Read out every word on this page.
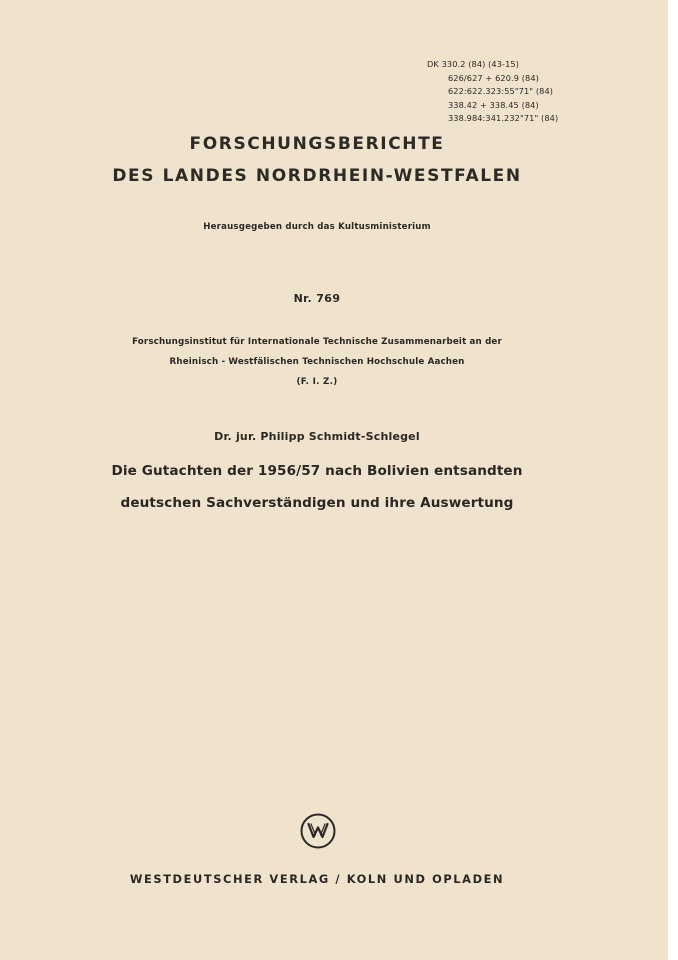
DK 330.2 (84) (43-15)
626/627 + 620.9 (84)
622:622.323:55"71" (84)
338.42 + 338.45 (84)
338.984:341.232"71" (84)
FORSCHUNGSBERICHTE
DES LANDES NORDRHEIN-WESTFALEN
Herausgegeben durch das Kultusministerium
Nr. 769
Forschungsinstitut für Internationale Technische Zusammenarbeit an der
Rheinisch - Westfälischen Technischen Hochschule Aachen
(F. I. Z.)
Dr. jur. Philipp Schmidt-Schlegel
Die Gutachten der 1956/57 nach Bolivien entsandten
deutschen Sachverständigen und ihre Auswertung
WESTDEUTSCHER VERLAG / KOLN UND OPLADEN
